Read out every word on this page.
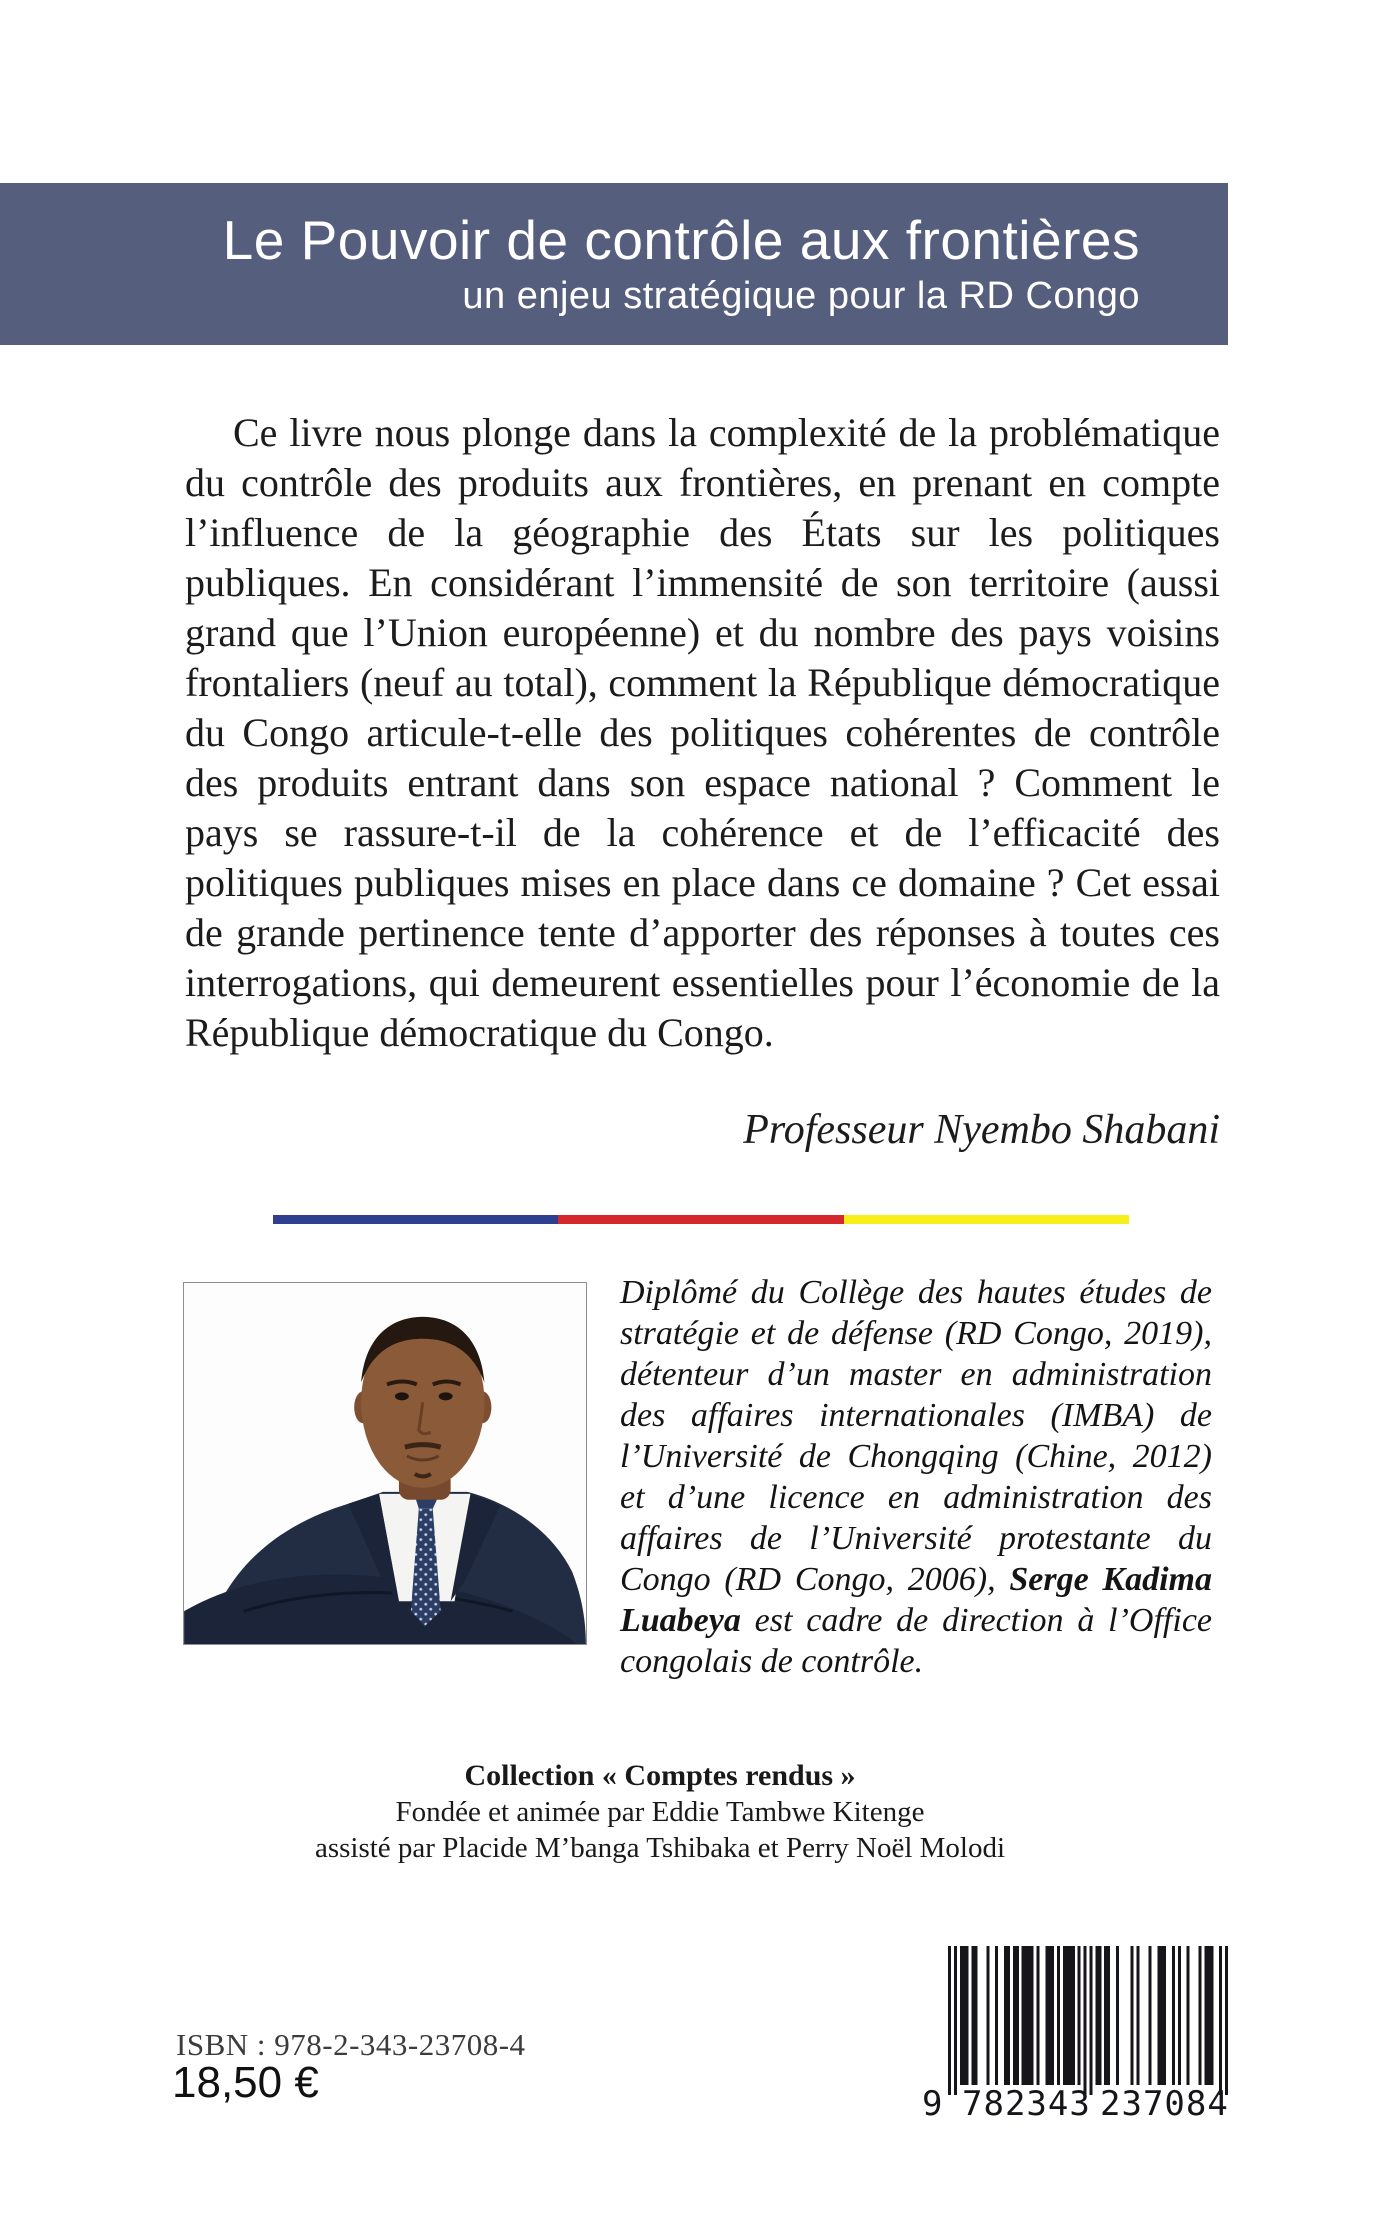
Le Pouvoir de contrôle aux frontières
un enjeu stratégique pour la RD Congo

Ce livre nous plonge dans la complexité de la problématique du contrôle des produits aux frontières, en prenant en compte l’influence de la géographie des États sur les politiques publiques. En considérant l’immensité de son territoire (aussi grand que l’Union européenne) et du nombre des pays voisins frontaliers (neuf au total), comment la République démocratique du Congo articule-t-elle des politiques cohérentes de contrôle des produits entrant dans son espace national ? Comment le pays se rassure-t-il de la cohérence et de l’efficacité des politiques publiques mises en place dans ce domaine ? Cet essai de grande pertinence tente d’apporter des réponses à toutes ces interrogations, qui demeurent essentielles pour l’économie de la République démocratique du Congo.

Professeur Nyembo Shabani

Diplômé du Collège des hautes études de stratégie et de défense (RD Congo, 2019), détenteur d’un master en administration des affaires internationales (IMBA) de l’Université de Chongqing (Chine, 2012) et d’une licence en administration des affaires de l’Université protestante du Congo (RD Congo, 2006), Serge Kadima Luabeya est cadre de direction à l’Office congolais de contrôle.

Collection « Comptes rendus »
Fondée et animée par Eddie Tambwe Kitenge
assisté par Placide M’banga Tshibaka et Perry Noël Molodi
ISBN : 978-2-343-23708-4
18,50 €	9 782343 237084
